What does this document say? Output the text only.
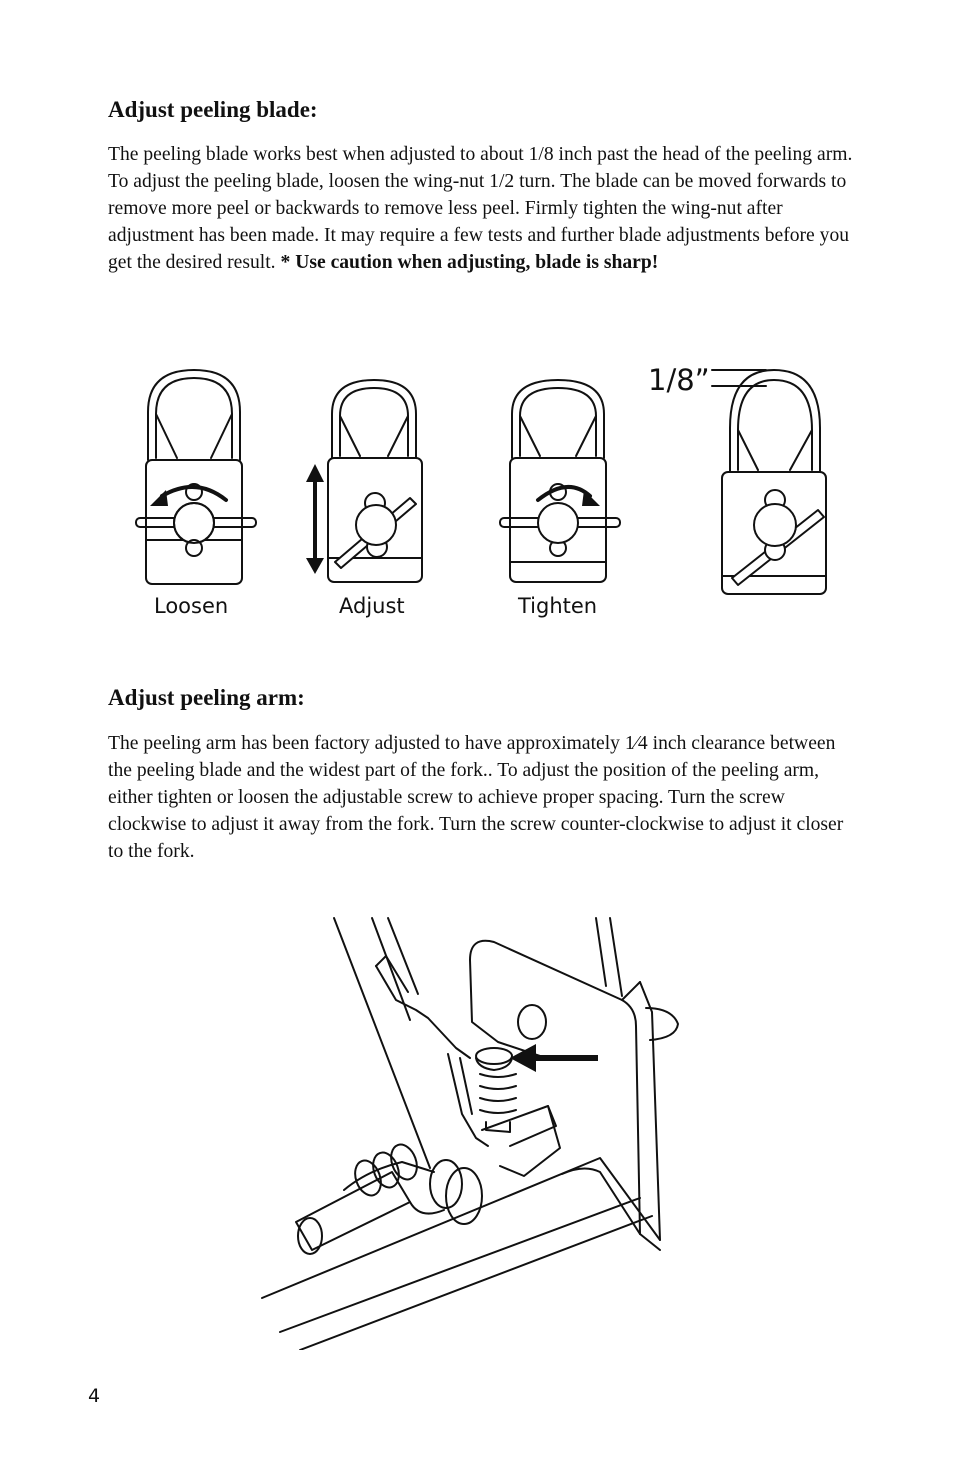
Adjust peeling blade:

The peeling blade works best when adjusted to about 1/8 inch past the head of the peeling arm. To adjust the peeling blade, loosen the wing-nut 1/2 turn. The blade can be moved forwards to remove more peel or backwards to remove less peel. Firmly tighten the wing-nut after adjustment has been made. It may require a few tests and further blade adjustments before you get the desired result. * Use caution when adjusting, blade is sharp!

Loosen	Adjust	Tighten
1/8”
Adjust peeling arm:

The peeling arm has been factory adjusted to have approximately 1⁄4 inch clearance between the peeling blade and the widest part of the fork.. To adjust the position of the peeling arm, either tighten or loosen the adjustable screw to achieve proper spacing. Turn the screw clockwise to adjust it away from the fork. Turn the screw counter-clockwise to adjust it closer to the fork.

4
